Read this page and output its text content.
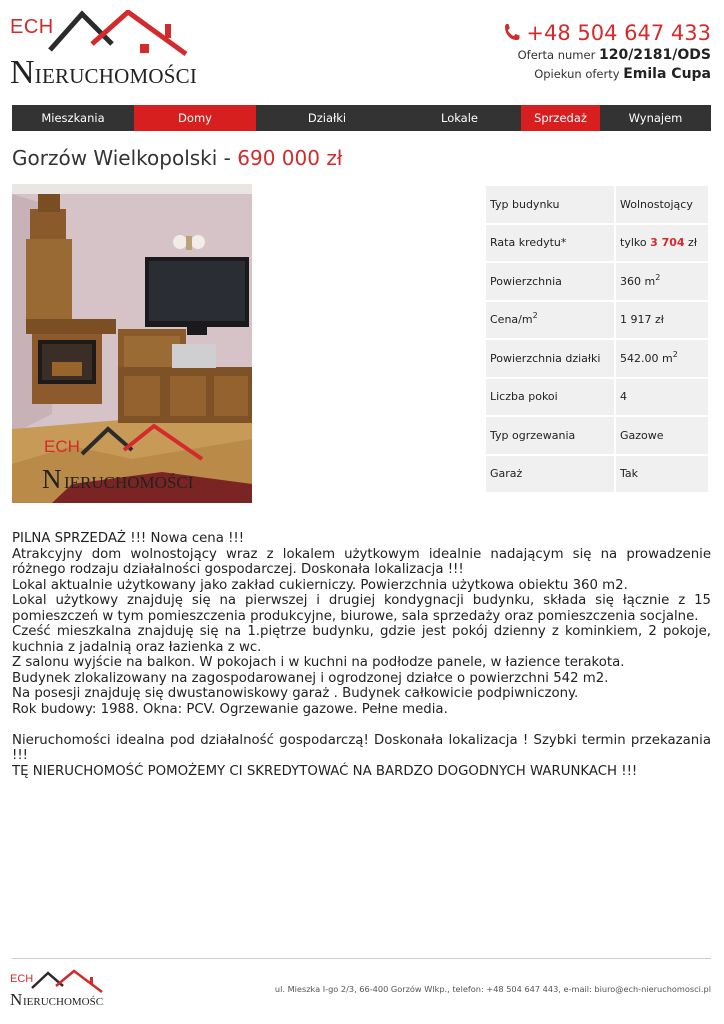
ECH
NIERUCHOMOŚCI
+48 504 647 433
Oferta numer 120/2181/ODS
Opiekun oferty Emila Cupa
Mieszkania	Domy	Działki	Lokale	Sprzedaż	Wynajem
Gorzów Wielkopolski - 690 000 zł
ECH
N IERUCHOMOŚCI
Typ budynku	Wolnostojący
Rata kredytu*	tylko 3 704 zł
Powierzchnia	360 $m^2$
Cena/$m^2$	1 917 zł
Powierzchnia działki	542.00 $m^2$
Liczba pokoi	4
Typ ogrzewania	Gazowe
Garaż	Tak

PILNA SPRZEDAŻ !!! Nowa cena !!!

Atrakcyjny dom wolnostojący wraz z lokalem użytkowym idealnie nadającym się na prowadzenie różnego rodzaju działalności gospodarczej. Doskonała lokalizacja !!!

Lokal aktualnie użytkowany jako zakład cukierniczy. Powierzchnia użytkowa obiektu 360 m2.

Lokal użytkowy znajduję się na pierwszej i drugiej kondygnacji budynku, składa się łącznie z 15 pomieszczeń w tym pomieszczenia produkcyjne, biurowe, sala sprzedaży oraz pomieszczenia socjalne.

Cześć mieszkalna znajduję się na 1.piętrze budynku, gdzie jest pokój dzienny z kominkiem, 2 pokoje, kuchnia z jadalnią oraz łazienka z wc.

Z salonu wyjście na balkon. W pokojach i w kuchni na podłodze panele, w łazience terakota.

Budynek zlokalizowany na zagospodarowanej i ogrodzonej działce o powierzchni 542 m2.

Na posesji znajduję się dwustanowiskowy garaż . Budynek całkowicie podpiwniczony.

Rok budowy: 1988. Okna: PCV. Ogrzewanie gazowe. Pełne media.

Nieruchomości idealna pod działalność gospodarczą! Doskonała lokalizacja ! Szybki termin przekazania !!!

TĘ NIERUCHOMOŚĆ POMOŻEMY CI SKREDYTOWAĆ NA BARDZO DOGODNYCH WARUNKACH !!!

ECH
N IERUCHOMOŚCI
ul. Mieszka I-go 2/3, 66-400 Gorzów Wlkp., telefon: +48 504 647 443, e-mail: biuro@ech-nieruchomosci.pl
